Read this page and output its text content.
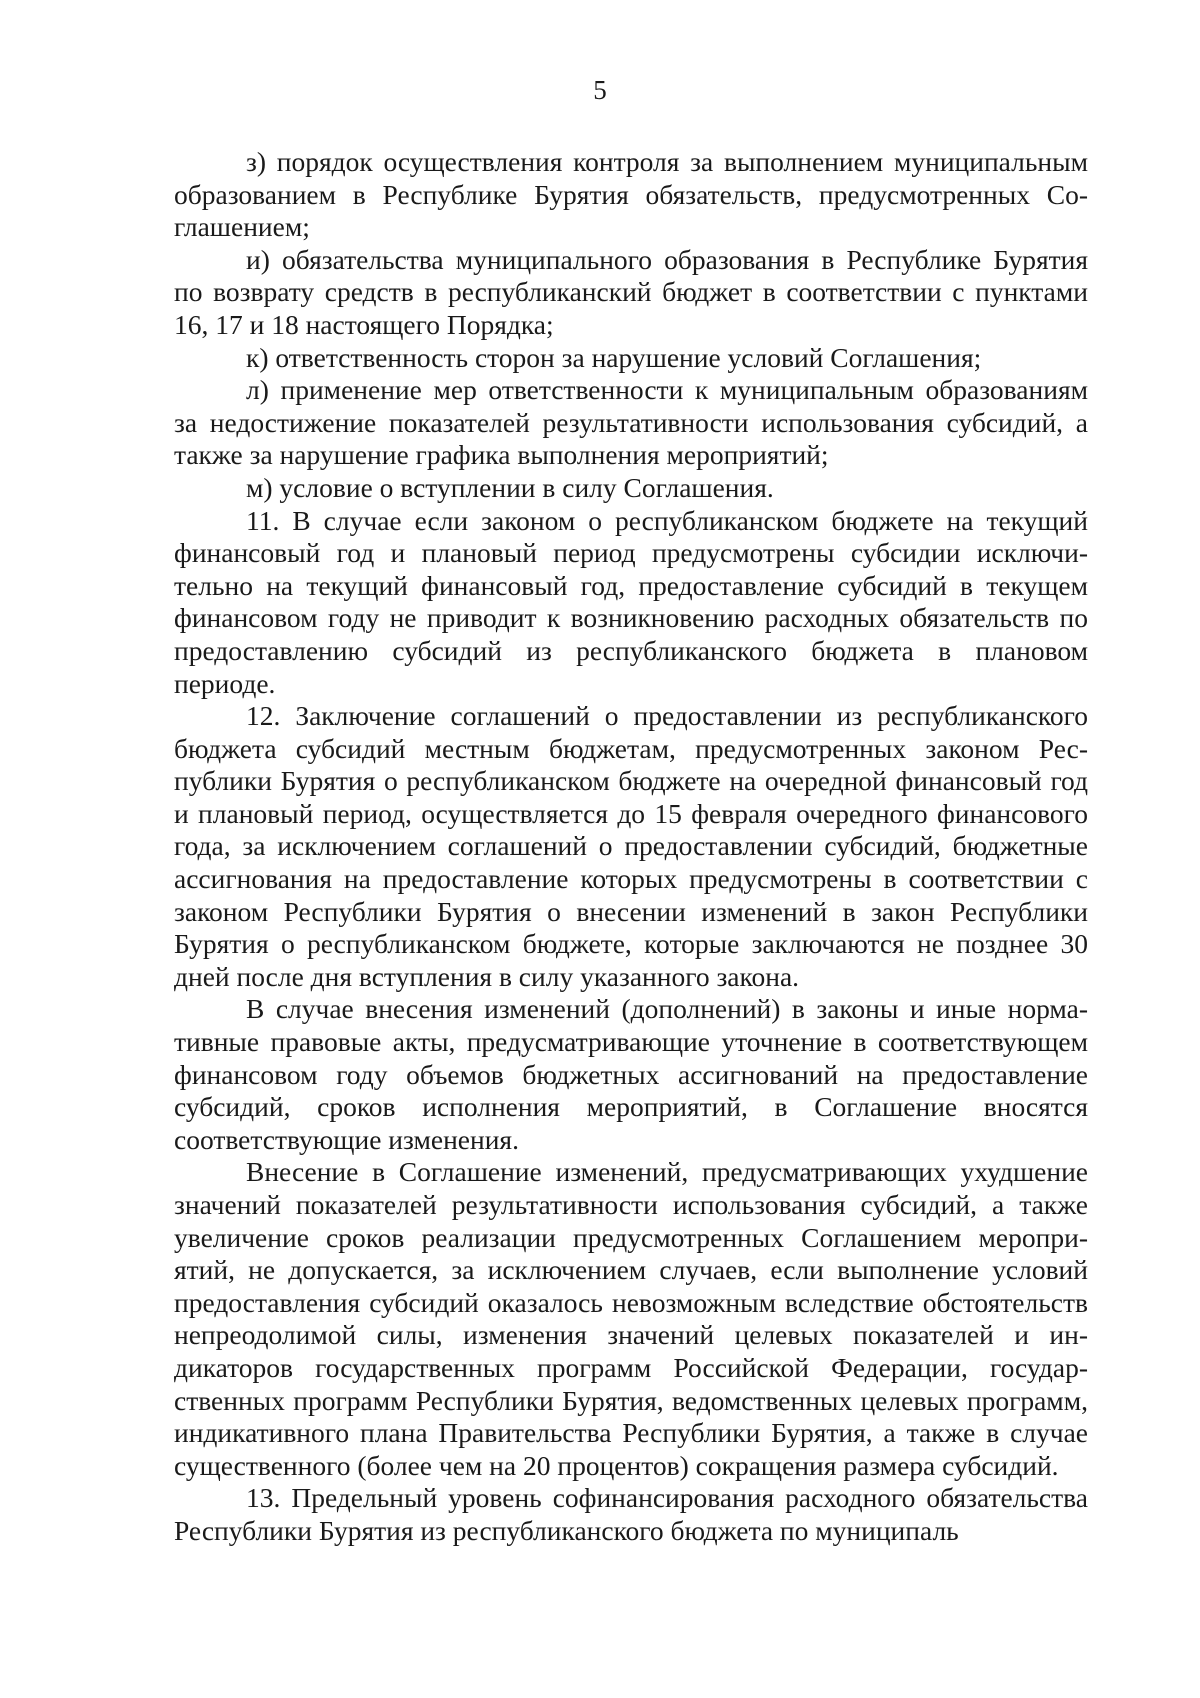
5

з) порядок осуществления контроля за выполнением муниципальным образованием в Республике Бурятия обязательств, предусмотренных Соглашением;

и) обязательства муниципального образования в Республике Бурятия по возврату средств в республиканский бюджет в соответствии с пунктами 16, 17 и 18 настоящего Порядка;

к) ответственность сторон за нарушение условий Соглашения;

л) применение мер ответственности к муниципальным образованиям за недостижение показателей результативности использования субсидий, а также за нарушение графика выполнения мероприятий;

м) условие о вступлении в силу Соглашения.

11. В случае если законом о республиканском бюджете на текущий финансовый год и плановый период предусмотрены субсидии исключительно на текущий финансовый год, предоставление субсидий в текущем финансовом году не приводит к возникновению расходных обязательств по предоставлению субсидий из республиканского бюджета в плановом периоде.

12. Заключение соглашений о предоставлении из республиканского бюджета субсидий местным бюджетам, предусмотренных законом Республики Бурятия о республиканском бюджете на очередной финансовый год и плановый период, осуществляется до 15 февраля очередного финансового года, за исключением соглашений о предоставлении субсидий, бюджетные ассигнования на предоставление которых предусмотрены в соответствии с законом Республики Бурятия о внесении изменений в закон Республики Бурятия о республиканском бюджете, которые заключаются не позднее 30 дней после дня вступления в силу указанного закона.

В случае внесения изменений (дополнений) в законы и иные нормативные правовые акты, предусматривающие уточнение в соответствующем финансовом году объемов бюджетных ассигнований на предоставление субсидий, сроков исполнения мероприятий, в Соглашение вносятся соответствующие изменения.

Внесение в Соглашение изменений, предусматривающих ухудшение значений показателей результативности использования субсидий, а также увеличение сроков реализации предусмотренных Соглашением мероприятий, не допускается, за исключением случаев, если выполнение условий предоставления субсидий оказалось невозможным вследствие обстоятельств непреодолимой силы, изменения значений целевых показателей и индикаторов государственных программ Российской Федерации, государственных программ Республики Бурятия, ведомственных целевых программ, индикативного плана Правительства Республики Бурятия, а также в случае существенного (более чем на 20 процентов) сокращения размера субсидий.

13. Предельный уровень софинансирования расходного обязательства Республики Бурятия из республиканского бюджета по муниципаль
